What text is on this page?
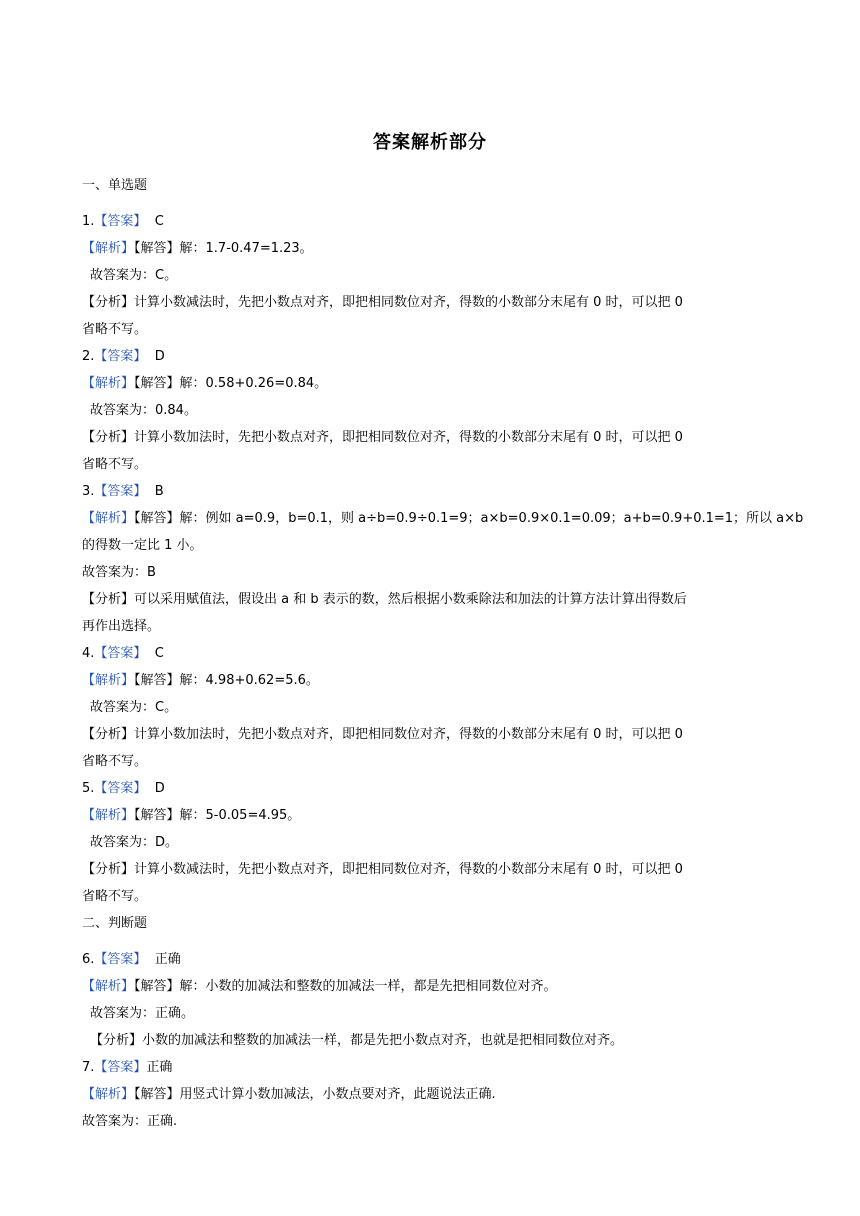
答案解析部分
一、单选题
1.【答案】 C
【解析】【解答】解：1.7-0.47=1.23。
故答案为：C。
【分析】计算小数减法时，先把小数点对齐，即把相同数位对齐，得数的小数部分末尾有 0 时，可以把 0
省略不写。
2.【答案】 D
【解析】【解答】解：0.58+0.26=0.84。
故答案为：0.84。
【分析】计算小数加法时，先把小数点对齐，即把相同数位对齐，得数的小数部分末尾有 0 时，可以把 0
省略不写。
3.【答案】 B
【解析】【解答】解：例如 a=0.9，b=0.1，则 a÷b=0.9÷0.1=9；a×b=0.9×0.1=0.09；a+b=0.9+0.1=1；所以 a×b
的得数一定比 1 小。
故答案为：B
【分析】可以采用赋值法，假设出 a 和 b 表示的数，然后根据小数乘除法和加法的计算方法计算出得数后
再作出选择。
4.【答案】 C
【解析】【解答】解：4.98+0.62=5.6。
故答案为：C。
【分析】计算小数加法时，先把小数点对齐，即把相同数位对齐，得数的小数部分末尾有 0 时，可以把 0
省略不写。
5.【答案】 D
【解析】【解答】解：5-0.05=4.95。
故答案为：D。
【分析】计算小数减法时，先把小数点对齐，即把相同数位对齐，得数的小数部分末尾有 0 时，可以把 0
省略不写。
二、判断题
6.【答案】 正确
【解析】【解答】解：小数的加减法和整数的加减法一样，都是先把相同数位对齐。
故答案为：正确。
【分析】小数的加减法和整数的加减法一样，都是先把小数点对齐，也就是把相同数位对齐。
7.【答案】正确
【解析】【解答】用竖式计算小数加减法，小数点要对齐，此题说法正确.
故答案为：正确.
